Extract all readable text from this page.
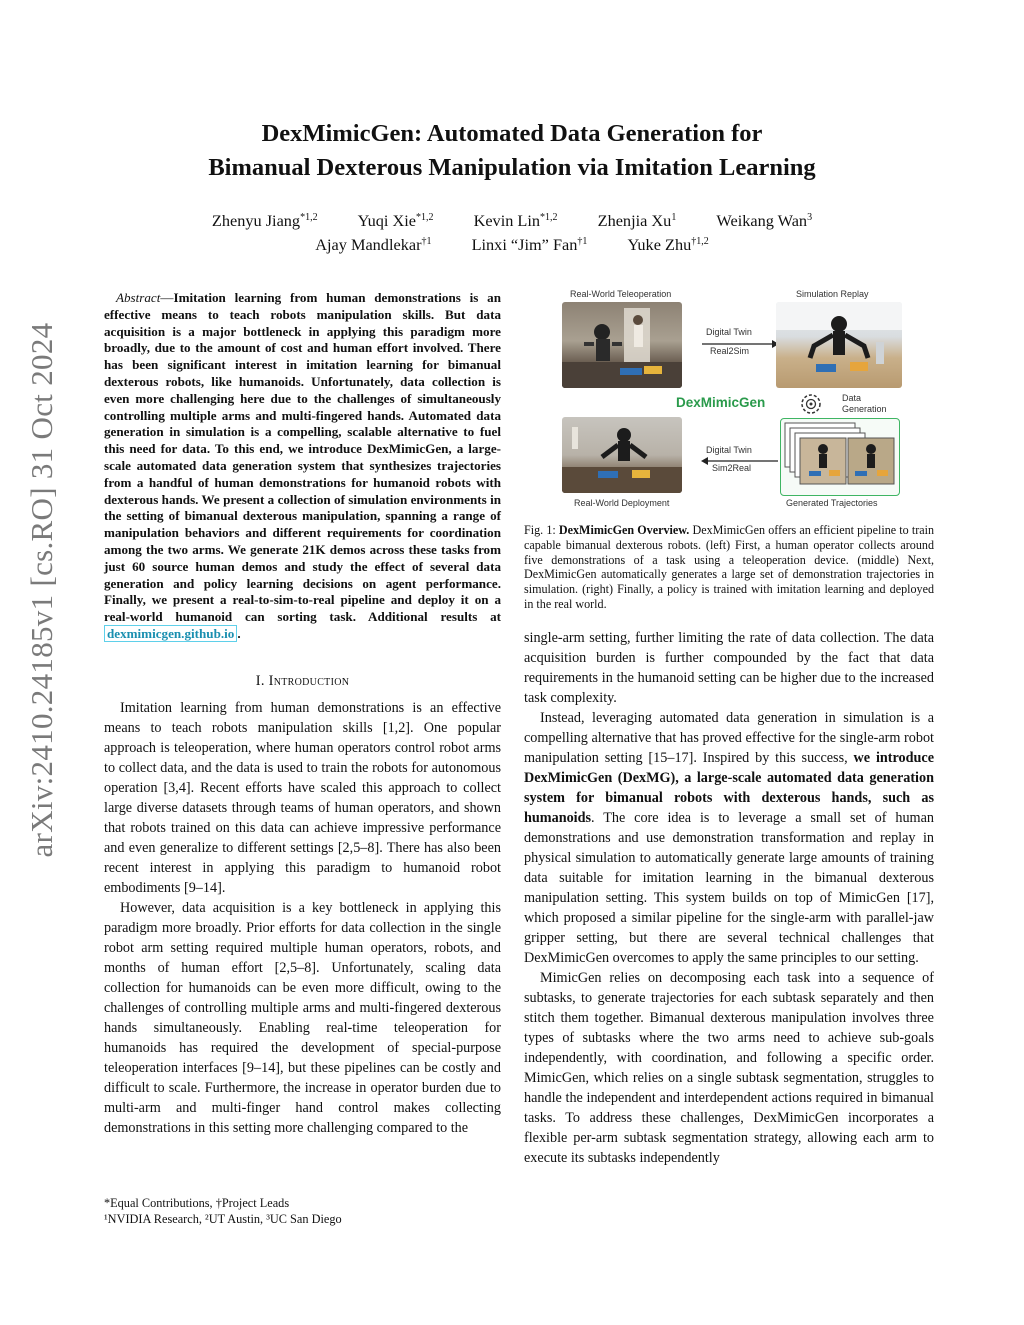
arXiv:2410.24185v1 [cs.RO] 31 Oct 2024
DexMimicGen: Automated Data Generation for
Bimanual Dexterous Manipulation via Imitation Learning
Zhenyu Jiang$^{*1,2}$ Yuqi Xie$^{*1,2}$ Kevin Lin$^{*1,2}$ Zhenjia Xu$^1$ Weikang Wan$^3$
Ajay Mandlekar$^{\dagger 1}$ Linxi “Jim” Fan$^{\dagger 1}$ Yuke Zhu$^{\dagger 1,2}$
Abstract—Imitation learning from human demonstrations is an effective means to teach robots manipulation skills. But data acquisition is a major bottleneck in applying this paradigm more broadly, due to the amount of cost and human effort involved. There has been significant interest in imitation learning for bimanual dexterous robots, like humanoids. Unfortunately, data collection is even more challenging here due to the challenges of simultaneously controlling multiple arms and multi-fingered hands. Automated data generation in simulation is a compelling, scalable alternative to fuel this need for data. To this end, we introduce DexMimicGen, a large-scale automated data generation system that synthesizes trajectories from a handful of human demonstrations for humanoid robots with dexterous hands. We present a collection of simulation environments in the setting of bimanual dexterous manipulation, spanning a range of manipulation behaviors and different requirements for coordination among the two arms. We generate 21K demos across these tasks from just 60 source human demos and study the effect of several data generation and policy learning decisions on agent performance. Finally, we present a real-to-sim-to-real pipeline and deploy it on a real-world humanoid can sorting task. Additional results at dexmimicgen.github.io .
I. Introduction

Imitation learning from human demonstrations is an effective means to teach robots manipulation skills [1,2]. One popular approach is teleoperation, where human operators control robot arms to collect data, and the data is used to train the robots for autonomous operation [3,4]. Recent efforts have scaled this approach to collect large diverse datasets through teams of human operators, and shown that robots trained on this data can achieve impressive performance and even generalize to different settings [2,5–8]. There has also been recent interest in applying this paradigm to humanoid robot embodiments [9–14].

However, data acquisition is a key bottleneck in applying this paradigm more broadly. Prior efforts for data collection in the single robot arm setting required multiple human operators, robots, and months of human effort [2,5–8]. Unfortunately, scaling data collection for humanoids can be even more difficult, owing to the challenges of controlling multiple arms and multi-fingered dexterous hands simultaneously. Enabling real-time teleoperation for humanoids has required the development of special-purpose teleoperation interfaces [9–14], but these pipelines can be costly and difficult to scale. Furthermore, the increase in operator burden due to multi-arm and multi-finger hand control makes collecting demonstrations in this setting more challenging compared to the

*Equal Contributions, †Project Leads
¹NVIDIA Research, ²UT Austin, ³UC San Diego
Real-World Teleoperation	Simulation Replay
Digital Twin
Real2Sim
DexMimicGen	Data
Generation
Digital Twin
Sim2Real
Real-World Deployment	Generated Trajectories
Fig. 1: DexMimicGen Overview. DexMimicGen offers an efficient pipeline to train capable bimanual dexterous robots. (left) First, a human operator collects around five demonstrations of a task using a teleoperation device. (middle) Next, DexMimicGen automatically generates a large set of demonstration trajectories in simulation. (right) Finally, a policy is trained with imitation learning and deployed in the real world.

single-arm setting, further limiting the rate of data collection. The data acquisition burden is further compounded by the fact that data requirements in the humanoid setting can be higher due to the increased task complexity.

Instead, leveraging automated data generation in simulation is a compelling alternative that has proved effective for the single-arm robot manipulation setting [15–17]. Inspired by this success, we introduce DexMimicGen (DexMG), a large-scale automated data generation system for bimanual robots with dexterous hands, such as humanoids. The core idea is to leverage a small set of human demonstrations and use demonstration transformation and replay in physical simulation to automatically generate large amounts of training data suitable for imitation learning in the bimanual dexterous manipulation setting. This system builds on top of MimicGen [17], which proposed a similar pipeline for the single-arm with parallel-jaw gripper setting, but there are several technical challenges that DexMimicGen overcomes to apply the same principles to our setting.

MimicGen relies on decomposing each task into a sequence of subtasks, to generate trajectories for each subtask separately and then stitch them together. Bimanual dexterous manipulation involves three types of subtasks where the two arms need to achieve sub-goals independently, with coordination, and following a specific order. MimicGen, which relies on a single subtask segmentation, struggles to handle the independent and interdependent actions required in bimanual tasks. To address these challenges, DexMimicGen incorporates a flexible per-arm subtask segmentation strategy, allowing each arm to execute its subtasks independently
